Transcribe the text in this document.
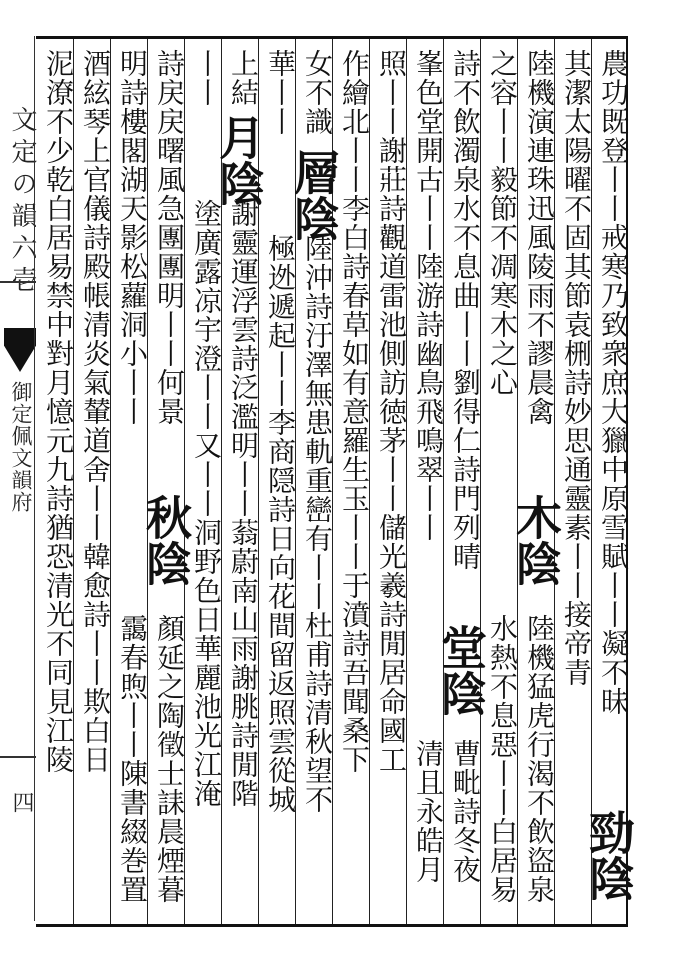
文定の韻六壱
御定佩文韻府
四
農功既登丨丨戒寒乃致衆庶大獵中原雪賦丨丨凝不昧
其潔太陽曜不固其節袁㭢詩妙思通靈素丨丨接帝青
陸機演連珠迅風陵雨不謬晨禽
陸機猛虎行渴不飲盜泉
之容丨丨毅節不凋寒木之心
水熱不息惡丨丨白居易
詩不飲濁泉水不息曲丨丨劉得仁詩門列晴
曹毗詩冬夜
峯色堂開古丨丨陸游詩幽鳥飛鳴翠丨丨
清且永皓月
照丨丨謝莊詩觀道雷池側訪徳茅丨丨儲光羲詩閒居命國工
作繪北丨丨李白詩春草如有意羅生玉丨丨于濆詩吾聞桑下
女不識
陸沖詩汙澤無患軌重巒有丨丨杜甫詩清秋望不
華丨丨
極迯遞起丨丨李商隠詩日向花間留返照雲從城
上結
謝靈運浮雲詩泛濫明丨丨蓊蔚南山雨謝朓詩閒階
丨丨
塗廣露凉宇澄丨丨又丨丨洞野色日華麗池光江淹
詩戻戻曙風急團團明丨丨何景
顏延之陶徵士誄晨煙暮
明詩樓閣湖天影松蘿洞小丨丨
靄春煦丨丨陳書綴巻置
酒絃琴上官儀詩殿帳清炎氣輦道舍丨丨韓愈詩丨丨欺白日
泥潦不少乾白居易禁中對月憶元九詩猶恐清光不同見江陵
勁陰
木陰
堂陰
層陰
月陰
秋陰
